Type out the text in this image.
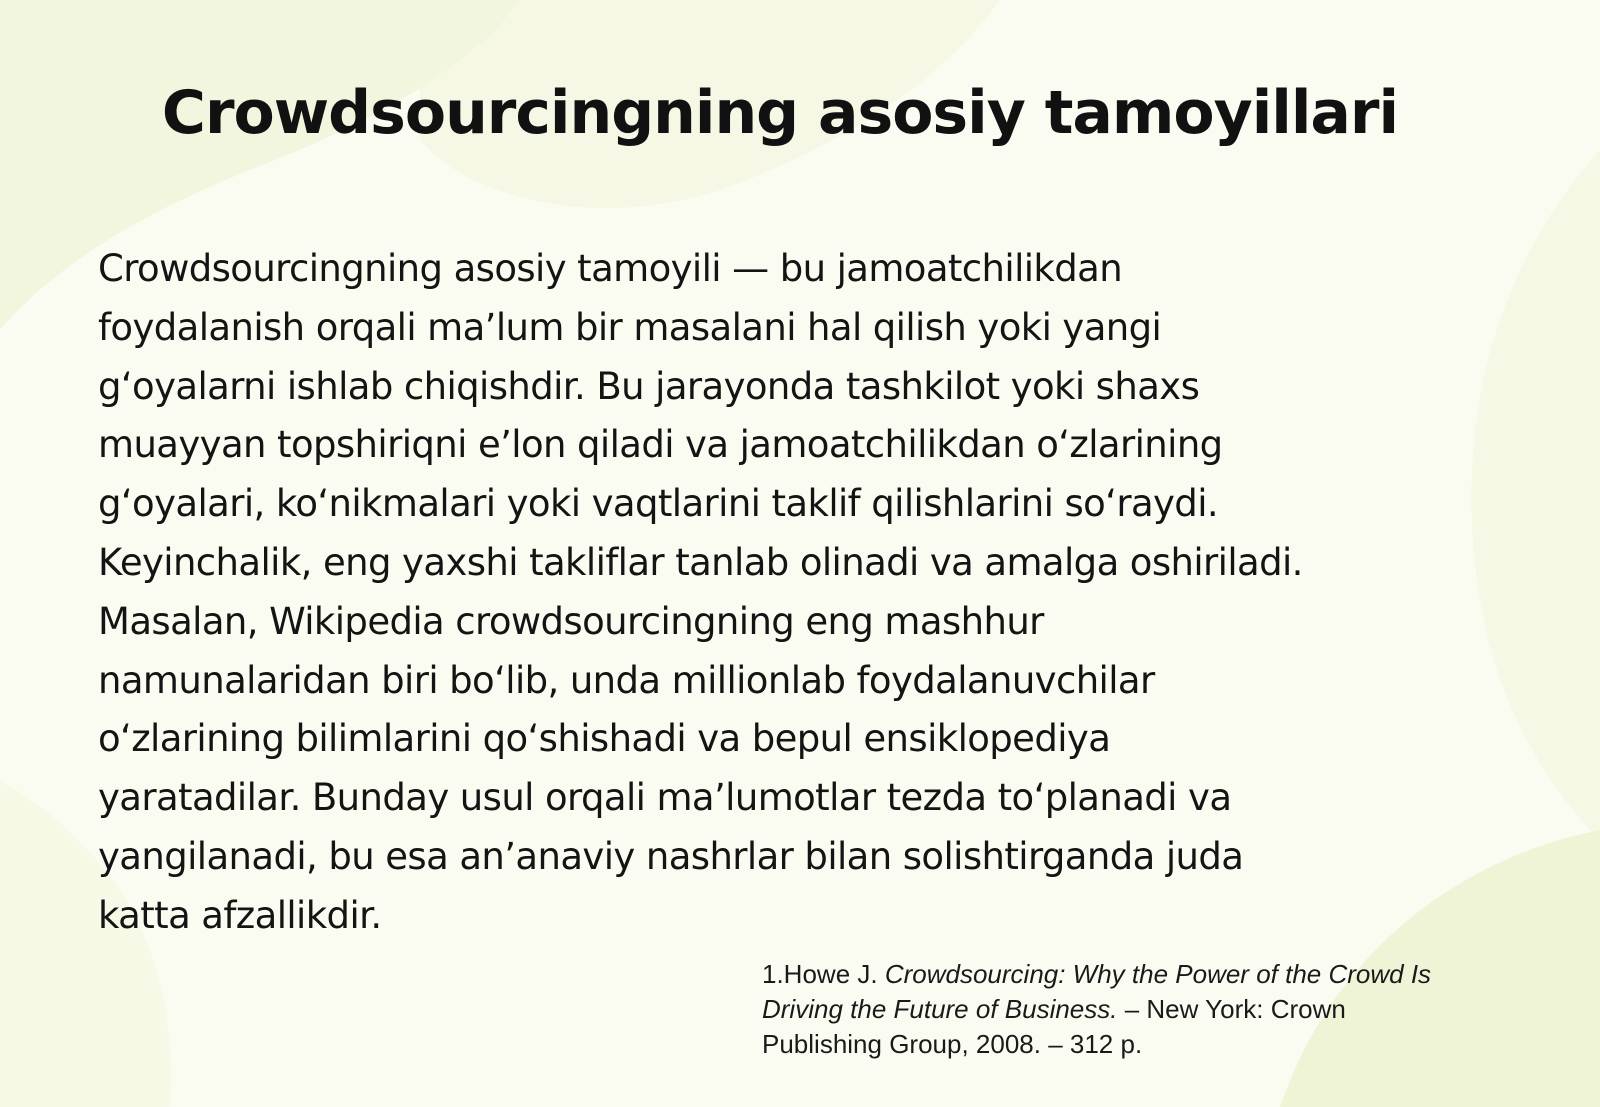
Crowdsourcingning asosiy tamoyillari

Crowdsourcingning asosiy tamoyili — bu jamoatchilikdan
foydalanish orqali ma’lum bir masalani hal qilish yoki yangi
g‘oyalarni ishlab chiqishdir. Bu jarayonda tashkilot yoki shaxs
muayyan topshiriqni e’lon qiladi va jamoatchilikdan o‘zlarining
g‘oyalari, ko‘nikmalari yoki vaqtlarini taklif qilishlarini so‘raydi.
Keyinchalik, eng yaxshi takliflar tanlab olinadi va amalga oshiriladi.
Masalan, Wikipedia crowdsourcingning eng mashhur
namunalaridan biri bo‘lib, unda millionlab foydalanuvchilar
o‘zlarining bilimlarini qo‘shishadi va bepul ensiklopediya
yaratadilar. Bunday usul orqali ma’lumotlar tezda to‘planadi va
yangilanadi, bu esa an’anaviy nashrlar bilan solishtirganda juda
katta afzallikdir.

1.Howe J. Crowdsourcing: Why the Power of the Crowd Is
Driving the Future of Business. – New York: Crown
Publishing Group, 2008. – 312 p.
